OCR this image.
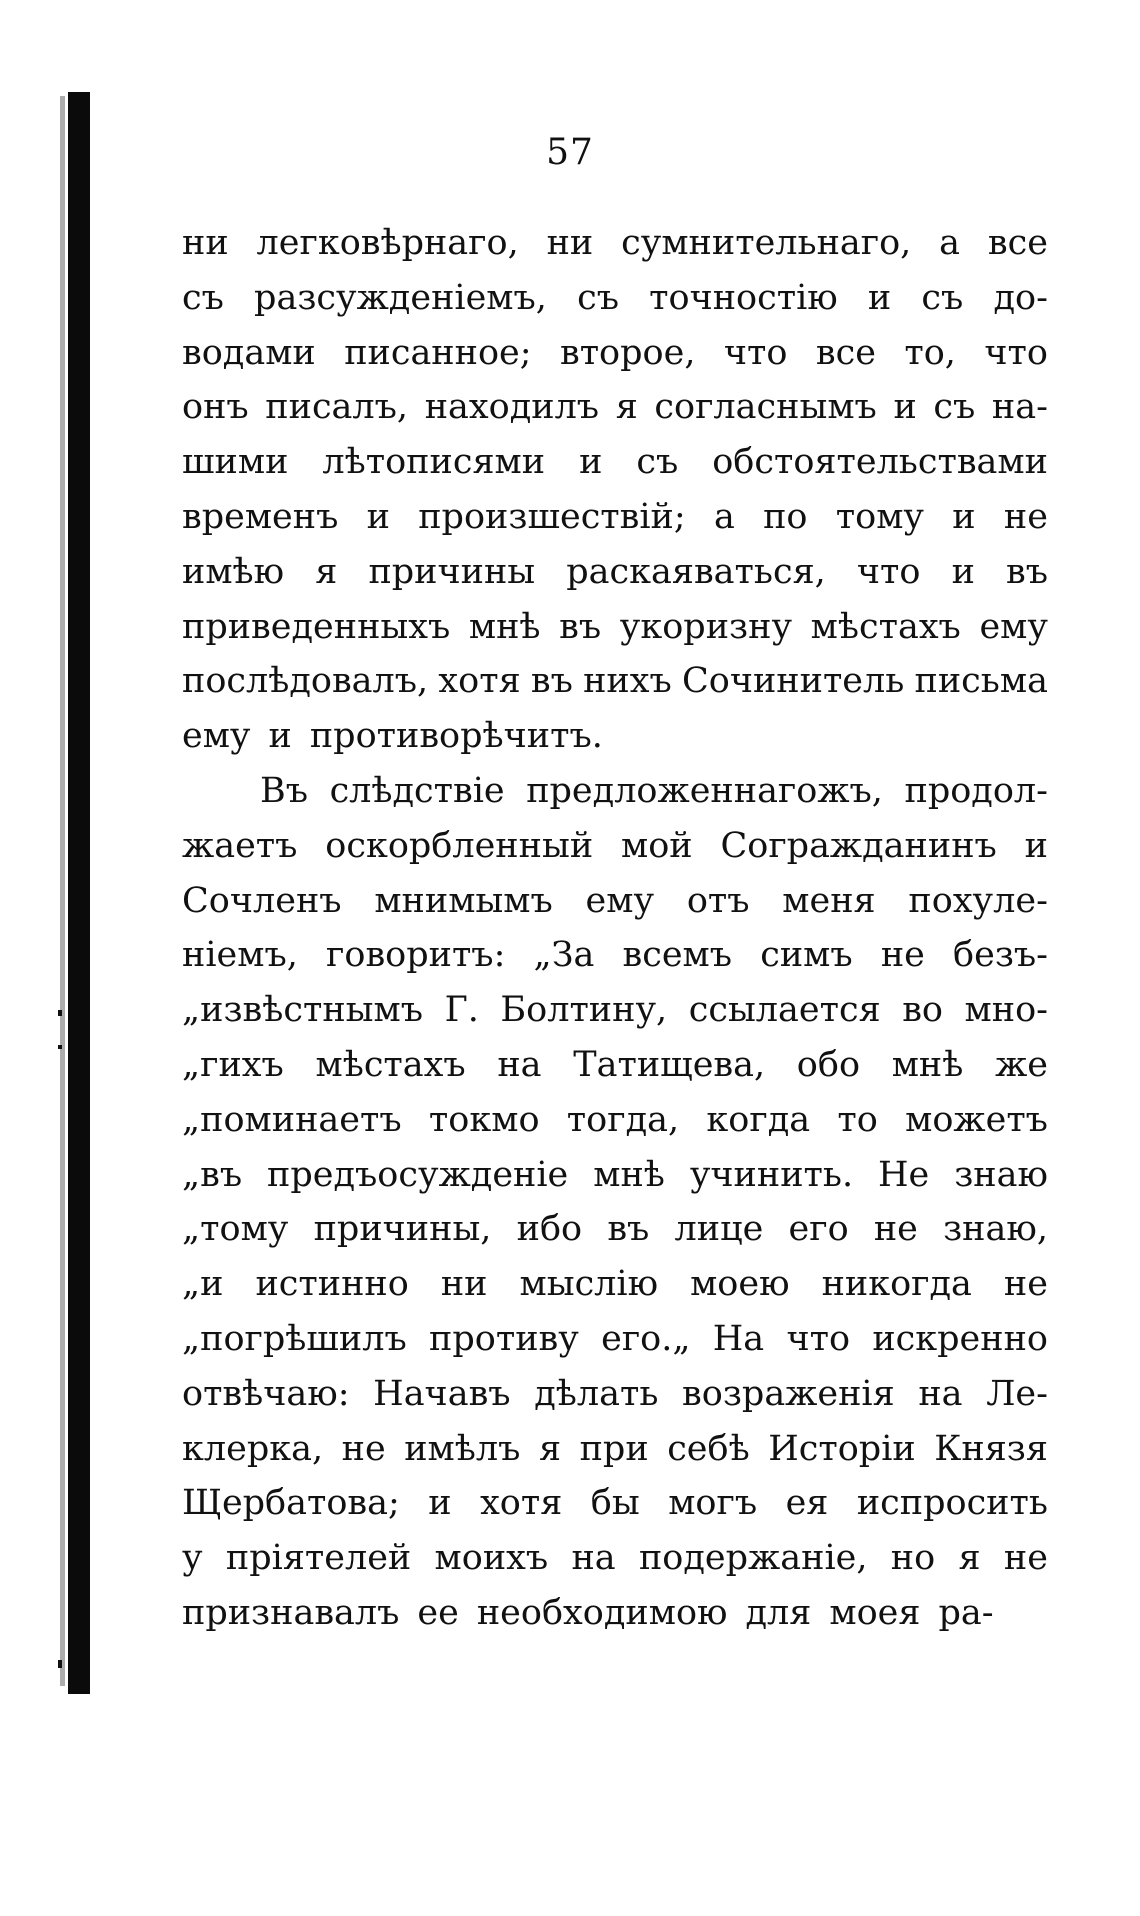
57
ни легковѣрнаго, ни сумнительнаго, а все
съ разсужденіемъ, съ точностію и съ до-
водами писанное; второе, что все то, что
онъ писалъ, находилъ я согласнымъ и съ на-
шими лѣтописями и съ обстоятельствами
временъ и произшествій; а по тому и не
имѣю я причины раскаяваться, что и въ
приведенныхъ мнѣ въ укоризну мѣстахъ ему
послѣдовалъ, хотя въ нихъ Сочинитель письма
ему и противорѣчитъ.
Въ слѣдствіе предложеннагожъ, продол-
жаетъ оскорбленный мой Согражданинъ и
Сочленъ мнимымъ ему отъ меня похуле-
ніемъ, говоритъ: „За всемъ симъ не безъ-
„извѣстнымъ Г. Болтину, ссылается во мно-
„гихъ мѣстахъ на Татищева, обо мнѣ же
„поминаетъ токмо тогда, когда то можетъ
„въ предъосужденіе мнѣ учинить. Не знаю
„тому причины, ибо въ лице его не знаю,
„и истинно ни мыслію моею никогда не
„погрѣшилъ противу его.„ На что искренно
отвѣчаю: Начавъ дѣлать возраженія на Ле-
клерка, не имѣлъ я при себѣ Исторіи Князя
Щербатова; и хотя бы могъ ея испросить
у пріятелей моихъ на подержаніе, но я не
признавалъ ее необходимою для моея ра-
